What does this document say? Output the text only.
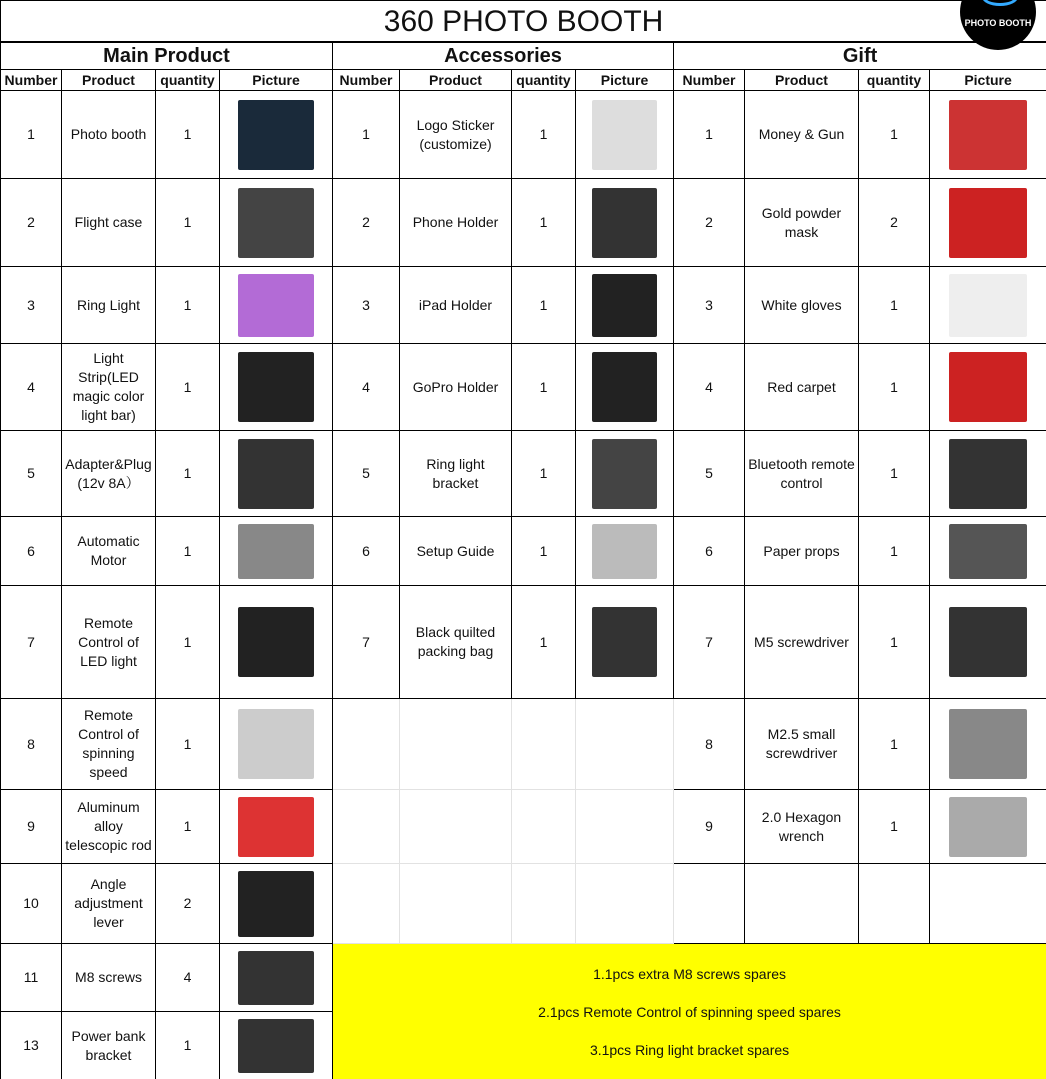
360 PHOTO BOOTH											
Main Product				Accessories				Gift			
Number	Product	quantity	Picture	Number	Product	quantity	Picture	Number	Product	quantity	Picture
1	Photo booth	1		1	Logo Sticker (customize)	1		1	Money & Gun	1	

2	Flight case	1		2	Phone Holder	1		2	Gold powder mask	2	

3	Ring Light	1		3	iPad Holder	1		3	White gloves	1	

4	Light Strip(LED magic color light bar)	1		4	GoPro Holder	1		4	Red carpet	1	

5	Adapter&Plug (12v 8A）	1		5	Ring light bracket	1		5	Bluetooth remote control	1	

6	Automatic Motor	1		6	Setup Guide	1		6	Paper props	1	

7	Remote Control of LED light	1		7	Black quilted packing bag	1		7	M5 screwdriver	1	

8	Remote Control of spinning speed	1						8	M2.5 small screwdriver	1	

9	Aluminum alloy telescopic rod	1						9	2.0 Hexagon wrench	1	

10	Angle adjustment lever	2	

11	M8 screws	4		1.1pcs extra M8 screws spares
2.1pcs Remote Control of spinning speed spares
3.1pcs Ring light bracket spares							

13	Power bank bracket	1									
PHOTO BOOTH
